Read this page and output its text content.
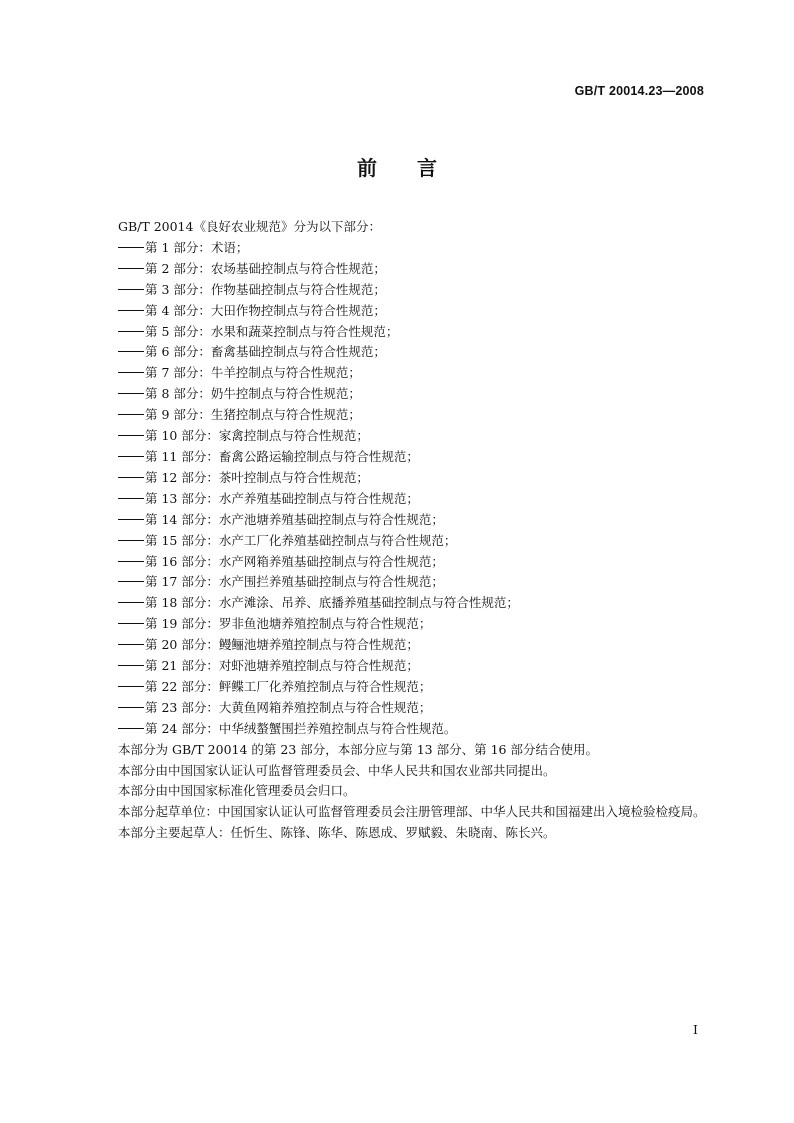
GB/T 20014.23—2008
前言

GB/T 20014《良好农业规范》分为以下部分：

第 1 部分：术语；

第 2 部分：农场基础控制点与符合性规范；

第 3 部分：作物基础控制点与符合性规范；

第 4 部分：大田作物控制点与符合性规范；

第 5 部分：水果和蔬菜控制点与符合性规范；

第 6 部分：畜禽基础控制点与符合性规范；

第 7 部分：牛羊控制点与符合性规范；

第 8 部分：奶牛控制点与符合性规范；

第 9 部分：生猪控制点与符合性规范；

第 10 部分：家禽控制点与符合性规范；

第 11 部分：畜禽公路运输控制点与符合性规范；

第 12 部分：茶叶控制点与符合性规范；

第 13 部分：水产养殖基础控制点与符合性规范；

第 14 部分：水产池塘养殖基础控制点与符合性规范；

第 15 部分：水产工厂化养殖基础控制点与符合性规范；

第 16 部分：水产网箱养殖基础控制点与符合性规范；

第 17 部分：水产围拦养殖基础控制点与符合性规范；

第 18 部分：水产滩涂、吊养、底播养殖基础控制点与符合性规范；

第 19 部分：罗非鱼池塘养殖控制点与符合性规范；

第 20 部分：鳗鲡池塘养殖控制点与符合性规范；

第 21 部分：对虾池塘养殖控制点与符合性规范；

第 22 部分：鲆鲽工厂化养殖控制点与符合性规范；

第 23 部分：大黄鱼网箱养殖控制点与符合性规范；

第 24 部分：中华绒螯蟹围拦养殖控制点与符合性规范。

本部分为 GB/T 20014 的第 23 部分，本部分应与第 13 部分、第 16 部分结合使用。

本部分由中国国家认证认可监督管理委员会、中华人民共和国农业部共同提出。

本部分由中国国家标准化管理委员会归口。

本部分起草单位：中国国家认证认可监督管理委员会注册管理部、中华人民共和国福建出入境检验检疫局。

本部分主要起草人：任忻生、陈锋、陈华、陈恩成、罗赋毅、朱晓南、陈长兴。

I
